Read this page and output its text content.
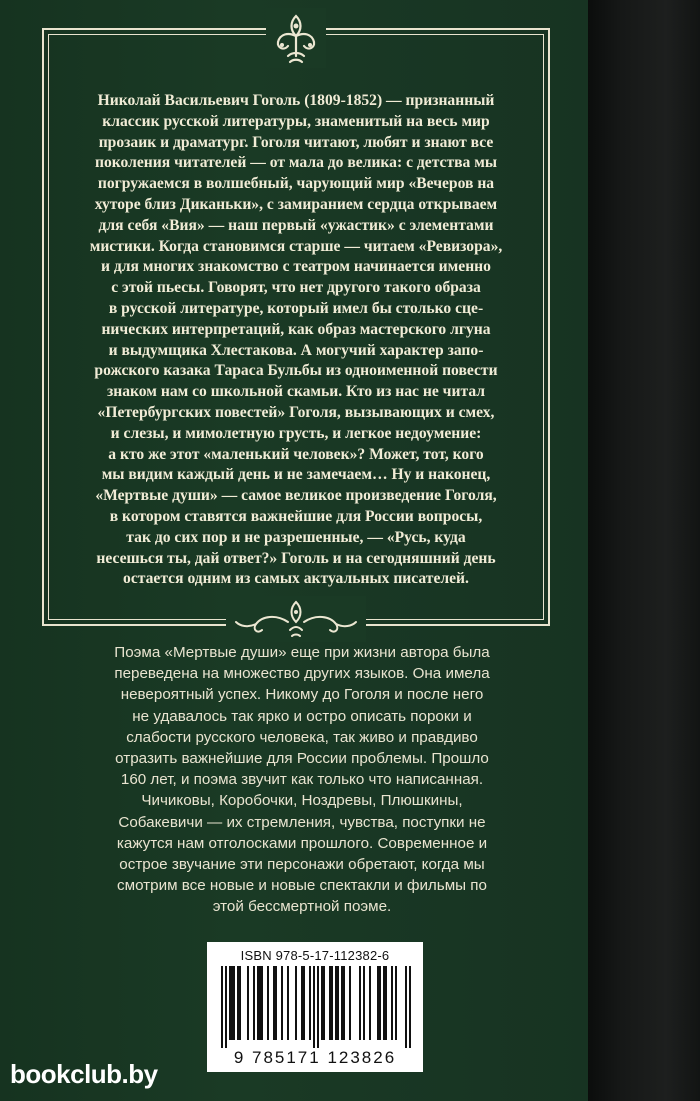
Николай Васильевич Гоголь (1809-1852) — признанный
классик русской литературы, знаменитый на весь мир
прозаик и драматург. Гоголя читают, любят и знают все
поколения читателей — от мала до велика: с детства мы
погружаемся в волшебный, чарующий мир «Вечеров на
хуторе близ Диканьки», с замиранием сердца открываем
для себя «Вия» — наш первый «ужастик» с элементами
мистики. Когда становимся старше — читаем «Ревизора»,
и для многих знакомство с театром начинается именно
с этой пьесы. Говорят, что нет другого такого образа
в русской литературе, который имел бы столько сце-
нических интерпретаций, как образ мастерского лгуна
и выдумщика Хлестакова. А могучий характер запо-
рожского казака Тараса Бульбы из одноименной повести
знаком нам со школьной скамьи. Кто из нас не читал
«Петербургских повестей» Гоголя, вызывающих и смех,
и слезы, и мимолетную грусть, и легкое недоумение:
а кто же этот «маленький человек»? Может, тот, кого
мы видим каждый день и не замечаем… Ну и наконец,
«Мертвые души» — самое великое произведение Гоголя,
в котором ставятся важнейшие для России вопросы,
так до сих пор и не разрешенные, — «Русь, куда
несешься ты, дай ответ?» Гоголь и на сегодняшний день
остается одним из самых актуальных писателей.
Поэма «Мертвые души» еще при жизни автора была
переведена на множество других языков. Она имела
невероятный успех. Никому до Гоголя и после него
не удавалось так ярко и остро описать пороки и
слабости русского человека, так живо и правдиво
отразить важнейшие для России проблемы. Прошло
160 лет, и поэма звучит как только что написанная.
Чичиковы, Коробочки, Ноздревы, Плюшкины,
Собакевичи — их стремления, чувства, поступки не
кажутся нам отголосками прошлого. Современное и
острое звучание эти персонажи обретают, когда мы
смотрим все новые и новые спектакли и фильмы по
этой бессмертной поэме.
ISBN 978-5-17-112382-6
9 785171 123826
bookclub.by
